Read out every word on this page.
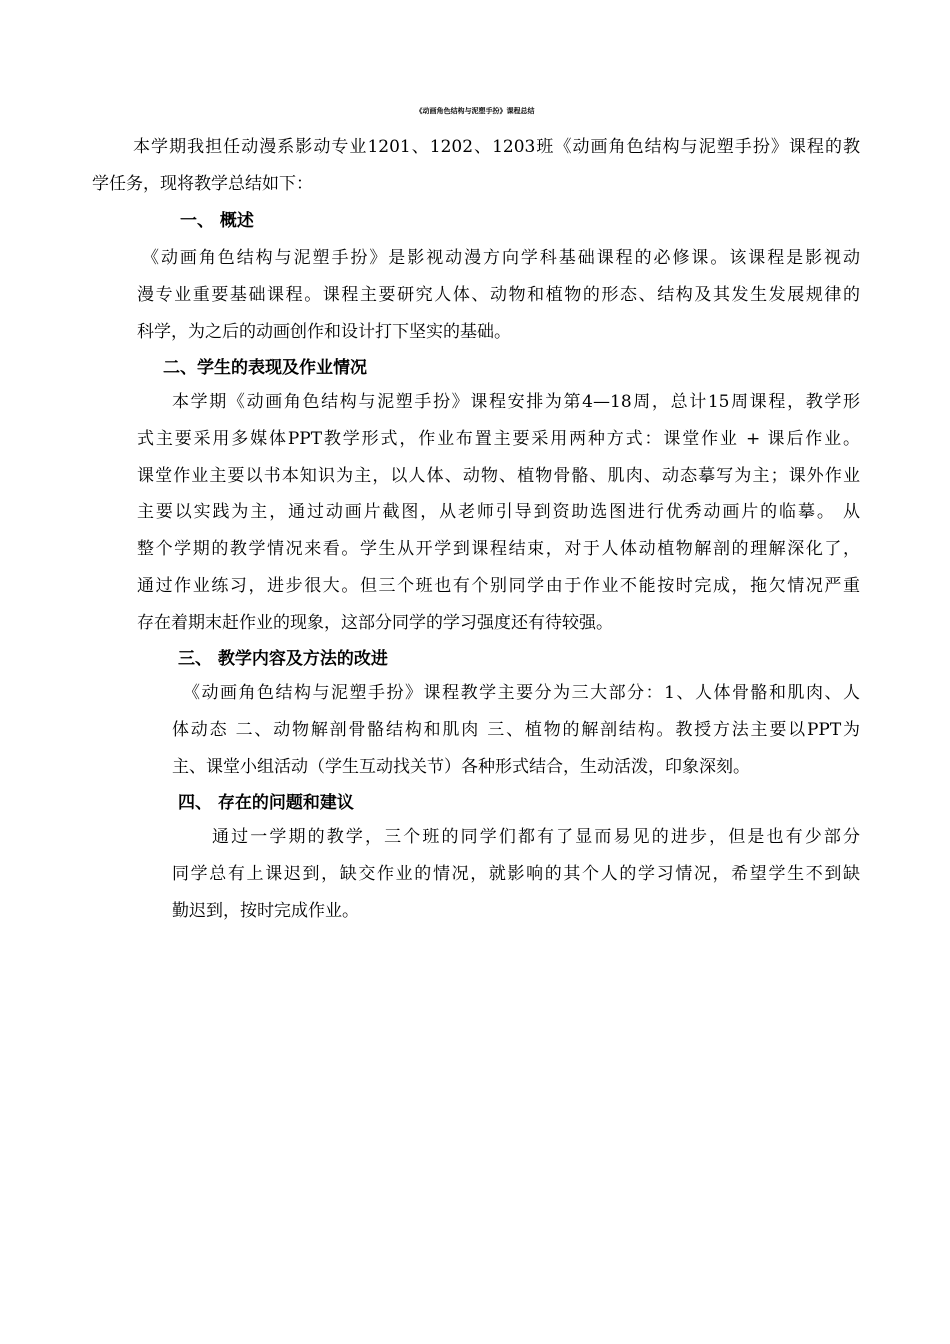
《动画角色结构与泥塑手扮》课程总结
本学期我担任动漫系影动专业1201、1202、1203班《动画角色结构与泥塑手扮》课程的教
学任务，现将教学总结如下：
一、 概述
《动画角色结构与泥塑手扮》是影视动漫方向学科基础课程的必修课。该课程是影视动
漫专业重要基础课程。课程主要研究人体、动物和植物的形态、结构及其发生发展规律的
科学，为之后的动画创作和设计打下坚实的基础。
二、学生的表现及作业情况
本学期《动画角色结构与泥塑手扮》课程安排为第4—18周，总计15周课程，教学形
式主要采用多媒体PPT教学形式，作业布置主要采用两种方式：课堂作业 + 课后作业。
课堂作业主要以书本知识为主，以人体、动物、植物骨骼、肌肉、动态摹写为主；课外作业
主要以实践为主，通过动画片截图，从老师引导到资助选图进行优秀动画片的临摹。 从
整个学期的教学情况来看。学生从开学到课程结束，对于人体动植物解剖的理解深化了，
通过作业练习，进步很大。但三个班也有个别同学由于作业不能按时完成，拖欠情况严重
存在着期末赶作业的现象，这部分同学的学习强度还有待较强。
三、 教学内容及方法的改进
《动画角色结构与泥塑手扮》课程教学主要分为三大部分：1、人体骨骼和肌肉、人
体动态 二、动物解剖骨骼结构和肌肉 三、植物的解剖结构。教授方法主要以PPT为
主、课堂小组活动（学生互动找关节）各种形式结合，生动活泼，印象深刻。
四、 存在的问题和建议
通过一学期的教学，三个班的同学们都有了显而易见的进步，但是也有少部分
同学总有上课迟到，缺交作业的情况，就影响的其个人的学习情况，希望学生不到缺
勤迟到，按时完成作业。
